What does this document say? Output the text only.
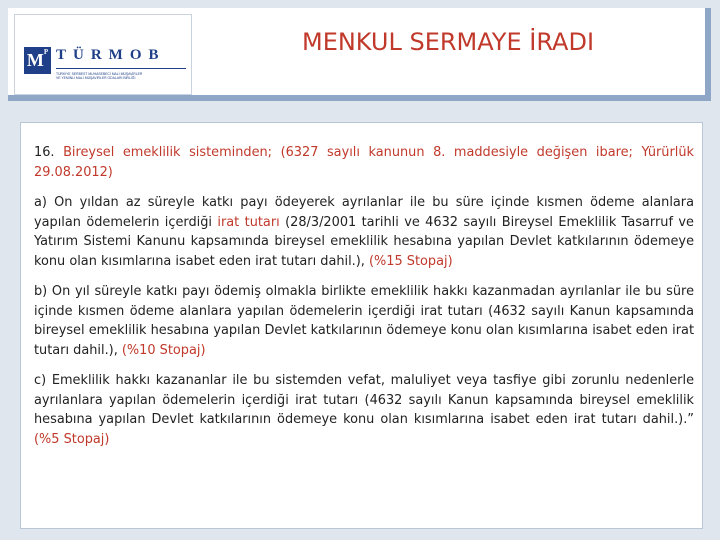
$M^P$ TÜRMOB
TÜRKİYE SERBEST MUHASEBECİ MALİ MÜŞAVİRLER
VE YEMİNLİ MALİ MÜŞAVİRLER ODALARI BİRLİĞİ
MENKUL SERMAYE İRADI

16. Bireysel emeklilik sisteminden; (6327 sayılı kanunun 8. maddesiyle değişen ibare; Yürürlük 29.08.2012)

a) On yıldan az süreyle katkı payı ödeyerek ayrılanlar ile bu süre içinde kısmen ödeme alanlara yapılan ödemelerin içerdiği irat tutarı (28/3/2001 tarihli ve 4632 sayılı Bireysel Emeklilik Tasarruf ve Yatırım Sistemi Kanunu kapsamında bireysel emeklilik hesabına yapılan Devlet katkılarının ödemeye konu olan kısımlarına isabet eden irat tutarı dahil.), (%15 Stopaj)

b) On yıl süreyle katkı payı ödemiş olmakla birlikte emeklilik hakkı kazanmadan ayrılanlar ile bu süre içinde kısmen ödeme alanlara yapılan ödemelerin içerdiği irat tutarı (4632 sayılı Kanun kapsamında bireysel emeklilik hesabına yapılan Devlet katkılarının ödemeye konu olan kısımlarına isabet eden irat tutarı dahil.), (%10 Stopaj)

c) Emeklilik hakkı kazananlar ile bu sistemden vefat, maluliyet veya tasfiye gibi zorunlu nedenlerle ayrılanlara yapılan ödemelerin içerdiği irat tutarı (4632 sayılı Kanun kapsamında bireysel emeklilik hesabına yapılan Devlet katkılarının ödemeye konu olan kısımlarına isabet eden irat tutarı dahil.).” (%5 Stopaj)
